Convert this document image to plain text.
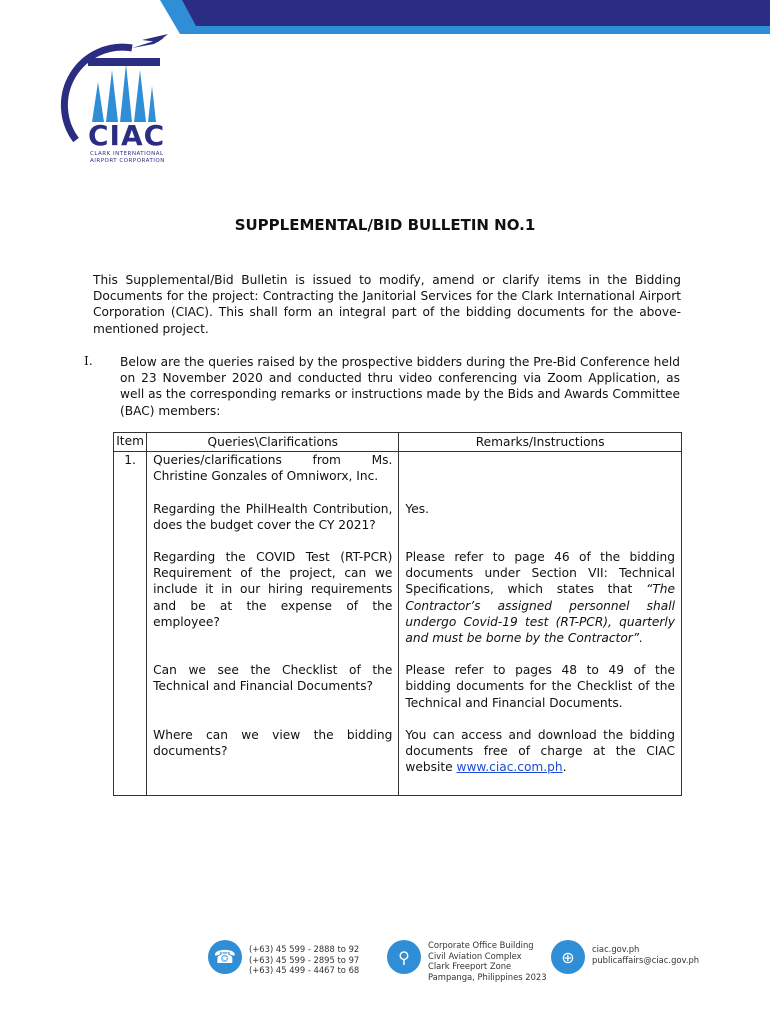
CIAC
CLARK INTERNATIONAL
AIRPORT CORPORATION
SUPPLEMENTAL/BID BULLETIN NO.1
This Supplemental/Bid Bulletin is issued to modify, amend or clarify items in the Bidding Documents for the project: Contracting the Janitorial Services for the Clark International Airport Corporation (CIAC). This shall form an integral part of the bidding documents for the above-mentioned project.
I. Below are the queries raised by the prospective bidders during the Pre-Bid Conference held on 23 November 2020 and conducted thru video conferencing via Zoom Application, as well as the corresponding remarks or instructions made by the Bids and Awards Committee (BAC) members:
Item	Queries\Clarifications	Remarks/Instructions
1.	Queries/clarifications from Ms. Christine Gonzales of Omniworx, Inc.	

	Regarding the PhilHealth Contribution, does the budget cover the CY 2021?	Yes.

	Regarding the COVID Test (RT-PCR) Requirement of the project, can we include it in our hiring requirements and be at the expense of the employee?	Please refer to page 46 of the bidding documents under Section VII: Technical Specifications, which states that “The Contractor’s assigned personnel shall undergo Covid-19 test (RT-PCR), quarterly and must be borne by the Contractor”.

	Can we see the Checklist of the Technical and Financial Documents?	Please refer to pages 48 to 49 of the bidding documents for the Checklist of the Technical and Financial Documents.

	Where can we view the bidding documents?	You can access and download the bidding documents free of charge at the CIAC website www.ciac.com.ph.
☎	(+63) 45 599 - 2888 to 92
(+63) 45 599 - 2895 to 97
(+63) 45 499 - 4467 to 68
⚲
Corporate Office Building
Civil Aviation Complex
Clark Freeport Zone
Pampanga, Philippines 2023
⊕	ciac.gov.ph
publicaffairs@ciac.gov.ph
